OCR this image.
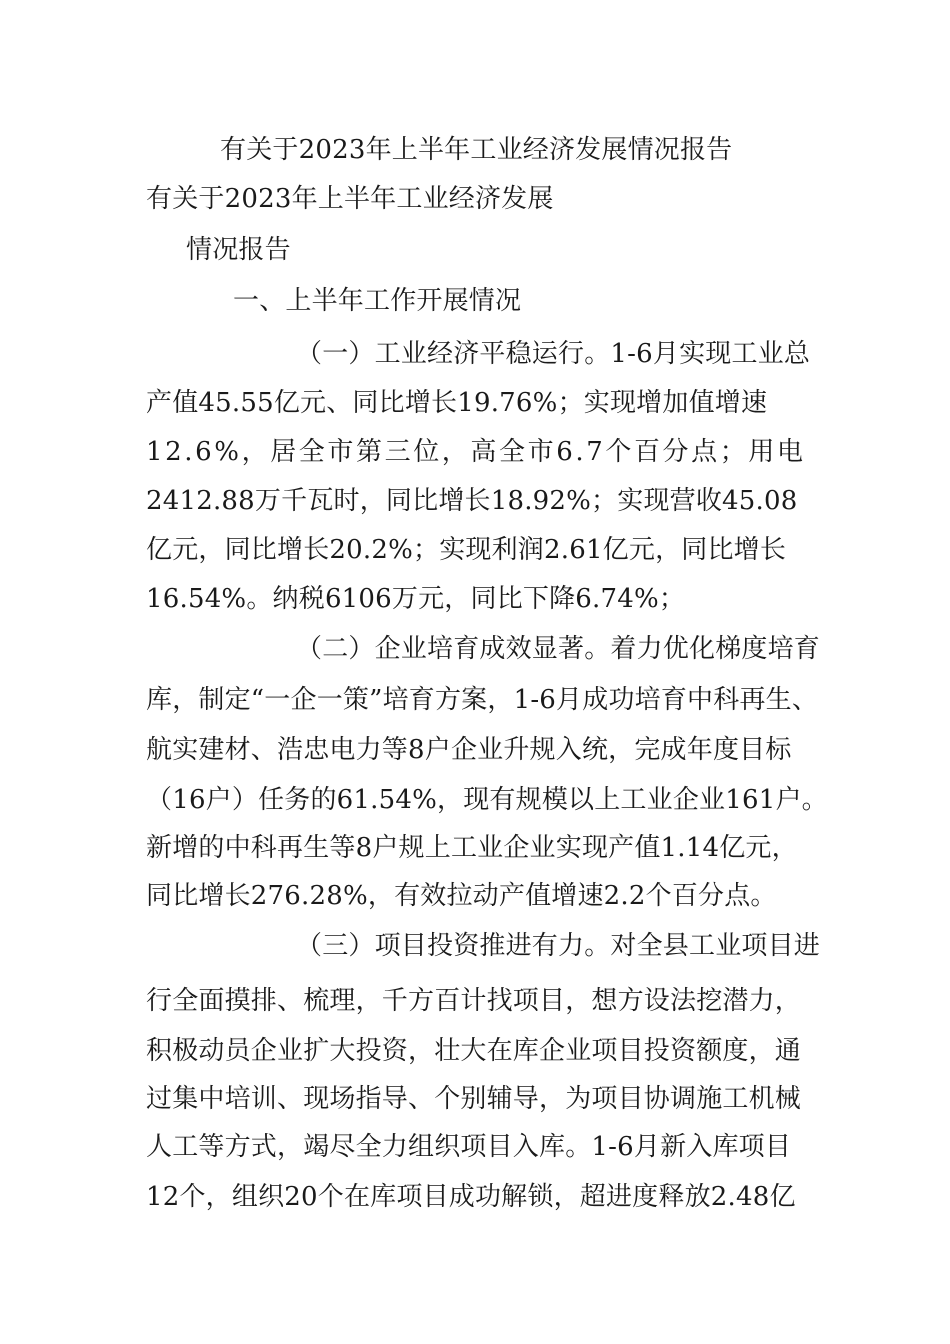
有关于2023年上半年工业经济发展情况报告
有关于2023年上半年工业经济发展
情况报告
一、上半年工作开展情况
（一）工业经济平稳运行。1-6月实现工业总
产值45.55亿元、同比增长19.76%；实现增加值增速
12.6%，居全市第三位，高全市6.7个百分点；用电
2412.88万千瓦时，同比增长18.92%；实现营收45.08
亿元，同比增长20.2%；实现利润2.61亿元，同比增长
16.54%。纳税6106万元，同比下降6.74%；
（二）企业培育成效显著。着力优化梯度培育
库，制定“一企一策”培育方案，1-6月成功培育中科再生、
航实建材、浩忠电力等8户企业升规入统，完成年度目标
（16户）任务的61.54%，现有规模以上工业企业161户。
新增的中科再生等8户规上工业企业实现产值1.14亿元，
同比增长276.28%，有效拉动产值增速2.2个百分点。
（三）项目投资推进有力。对全县工业项目进
行全面摸排、梳理，千方百计找项目，想方设法挖潜力，
积极动员企业扩大投资，壮大在库企业项目投资额度，通
过集中培训、现场指导、个别辅导，为项目协调施工机械
人工等方式，竭尽全力组织项目入库。1-6月新入库项目
12个，组织20个在库项目成功解锁，超进度释放2.48亿
